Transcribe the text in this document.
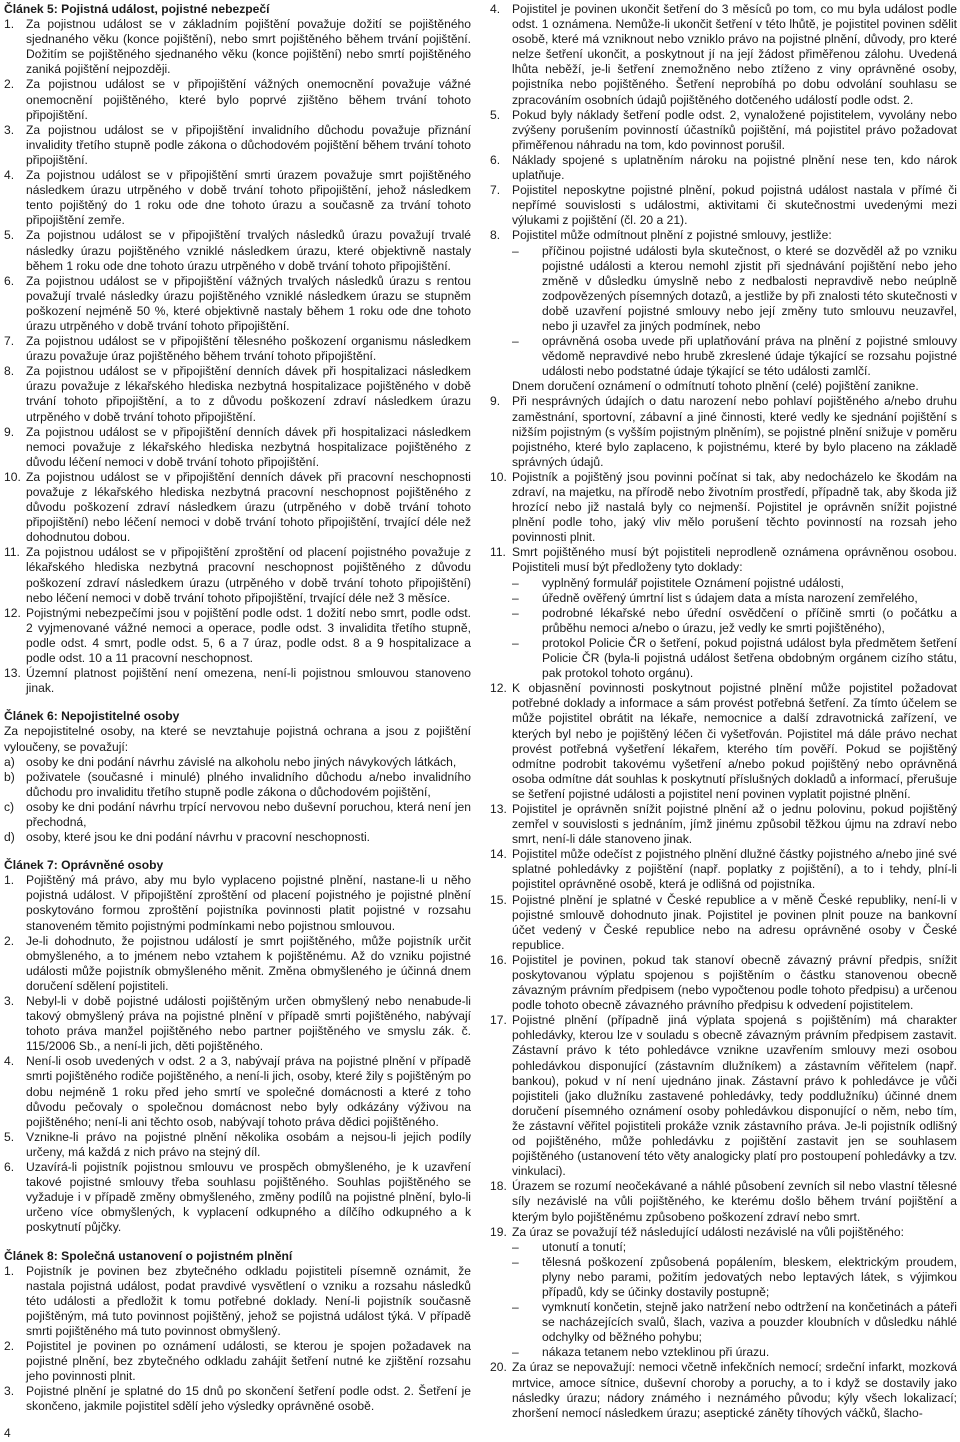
Článek 5: Pojistná událost, pojistné nebezpečí
1. Za pojistnou událost se v základním pojištění považuje dožití se pojištěného sjednaného věku (konce pojištění), nebo smrt pojištěného během trvání pojištění. Dožitím se pojištěného sjednaného věku (konce pojištění) nebo smrtí pojištěného zaniká pojištění nejpozději.
2. Za pojistnou událost se v připojištění vážných onemocnění považuje vážné onemocnění pojištěného, které bylo poprvé zjištěno během trvání tohoto připojištění.
3. Za pojistnou událost se v připojištění invalidního důchodu považuje přiznání invalidity třetího stupně podle zákona o důchodovém pojištění během trvání tohoto připojištění.
4. Za pojistnou událost se v připojištění smrti úrazem považuje smrt pojištěného následkem úrazu utrpěného v době trvání tohoto připojištění, jehož následkem tento pojištěný do 1 roku ode dne tohoto úrazu a současně za trvání tohoto připojištění zemře.
5. Za pojistnou událost se v připojištění trvalých následků úrazu považují trvalé následky úrazu pojištěného vzniklé následkem úrazu, které objektivně nastaly během 1 roku ode dne tohoto úrazu utrpěného v době trvání tohoto připojištění.
6. Za pojistnou událost se v připojištění vážných trvalých následků úrazu s rentou považují trvalé následky úrazu pojištěného vzniklé následkem úrazu se stupněm poškození nejméně 50 %, které objektivně nastaly během 1 roku ode dne tohoto úrazu utrpěného v době trvání tohoto připojištění.
7. Za pojistnou událost se v připojištění tělesného poškození organismu následkem úrazu považuje úraz pojištěného během trvání tohoto připojištění.
8. Za pojistnou událost se v připojištění denních dávek při hospitalizaci následkem úrazu považuje z lékařského hlediska nezbytná hospitalizace pojištěného v době trvání tohoto připojištění, a to z důvodu poškození zdraví následkem úrazu utrpěného v době trvání tohoto připojištění.
9. Za pojistnou událost se v připojištění denních dávek při hospitalizaci následkem nemoci považuje z lékařského hlediska nezbytná hospitalizace pojištěného z důvodu léčení nemoci v době trvání tohoto připojištění.
10. Za pojistnou událost se v připojištění denních dávek při pracovní neschopnosti považuje z lékařského hlediska nezbytná pracovní neschopnost pojištěného z důvodu poškození zdraví následkem úrazu (utrpěného v době trvání tohoto připojištění) nebo léčení nemoci v době trvání tohoto připojištění, trvající déle než dohodnutou dobou.
11. Za pojistnou událost se v připojištění zproštění od placení pojistného považuje z lékařského hlediska nezbytná pracovní neschopnost pojištěného z důvodu poškození zdraví následkem úrazu (utrpěného v době trvání tohoto připojištění) nebo léčení nemoci v době trvání tohoto připojištění, trvající déle než 3 měsíce.
12. Pojistnými nebezpečími jsou v pojištění podle odst. 1 dožití nebo smrt, podle odst. 2 vyjmenované vážné nemoci a operace, podle odst. 3 invalidita třetího stupně, podle odst. 4 smrt, podle odst. 5, 6 a 7 úraz, podle odst. 8 a 9 hospitalizace a podle odst. 10 a 11 pracovní neschopnost.
13. Územní platnost pojištění není omezena, není-li pojistnou smlouvou stanoveno jinak.
Článek 6: Nepojistitelné osoby
Za nepojistitelné osoby, na které se nevztahuje pojistná ochrana a jsou z pojištění vyloučeny, se považují:
a) osoby ke dni podání návrhu závislé na alkoholu nebo jiných návykových látkách,
b) poživatele (současné i minulé) plného invalidního důchodu a/nebo invalidního důchodu pro invaliditu třetího stupně podle zákona o důchodovém pojištění,
c) osoby ke dni podání návrhu trpící nervovou nebo duševní poruchou, která není jen přechodná,
d) osoby, které jsou ke dni podání návrhu v pracovní neschopnosti.
Článek 7: Oprávněné osoby
1. Pojištěný má právo, aby mu bylo vyplaceno pojistné plnění, nastane-li u něho pojistná událost. V připojištění zproštění od placení pojistného je pojistné plnění poskytováno formou zproštění pojistníka povinnosti platit pojistné v rozsahu stanoveném těmito pojistnými podmínkami nebo pojistnou smlouvou.
2. Je-li dohodnuto, že pojistnou událostí je smrt pojištěného, může pojistník určit obmyšleného, a to jménem nebo vztahem k pojištěnému. Až do vzniku pojistné události může pojistník obmyšleného měnit. Změna obmyšleného je účinná dnem doručení sdělení pojistiteli.
3. Nebyl-li v době pojistné události pojištěným určen obmyšlený nebo nenabude-li takový obmyšlený práva na pojistné plnění v případě smrti pojištěného, nabývají tohoto práva manžel pojištěného nebo partner pojištěného ve smyslu zák. č. 115/2006 Sb., a není-li jich, děti pojištěného.
4. Není-li osob uvedených v odst. 2 a 3, nabývají práva na pojistné plnění v případě smrti pojištěného rodiče pojištěného, a není-li jich, osoby, které žily s pojištěným po dobu nejméně 1 roku před jeho smrtí ve společné domácnosti a které z toho důvodu pečovaly o společnou domácnost nebo byly odkázány výživou na pojištěného; není-li ani těchto osob, nabývají tohoto práva dědici pojištěného.
5. Vznikne-li právo na pojistné plnění několika osobám a nejsou-li jejich podíly určeny, má každá z nich právo na stejný díl.
6. Uzavírá-li pojistník pojistnou smlouvu ve prospěch obmyšleného, je k uzavření takové pojistné smlouvy třeba souhlasu pojištěného. Souhlas pojištěného se vyžaduje i v případě změny obmyšleného, změny podílů na pojistné plnění, bylo-li určeno více obmyšlených, k vyplacení odkupného a dílčího odkupného a k poskytnutí půjčky.
Článek 8: Společná ustanovení o pojistném plnění
1. Pojistník je povinen bez zbytečného odkladu pojistiteli písemně oznámit, že nastala pojistná událost, podat pravdivé vysvětlení o vzniku a rozsahu následků této události a předložit k tomu potřebné doklady. Není-li pojistník současně pojištěným, má tuto povinnost pojištěný, jehož se pojistná událost týká. V případě smrti pojištěného má tuto povinnost obmyšlený.
2. Pojistitel je povinen po oznámení události, se kterou je spojen požadavek na pojistné plnění, bez zbytečného odkladu zahájit šetření nutné ke zjištění rozsahu jeho povinnosti plnit.
3. Pojistné plnění je splatné do 15 dnů po skončení šetření podle odst. 2. Šetření je skončeno, jakmile pojistitel sdělí jeho výsledky oprávněné osobě.
4. Pojistitel je povinen ukončit šetření do 3 měsíců po tom, co mu byla událost podle odst. 1 oznámena. Nemůže-li ukončit šetření v této lhůtě, je pojistitel povinen sdělit osobě, které má vzniknout nebo vzniklo právo na pojistné plnění, důvody, pro které nelze šetření ukončit, a poskytnout jí na její žádost přiměřenou zálohu. Uvedená lhůta neběží, je-li šetření znemožněno nebo ztíženo z viny oprávněné osoby, pojistníka nebo pojištěného. Šetření neprobíhá po dobu odvolání souhlasu se zpracováním osobních údajů pojištěného dotčeného událostí podle odst. 2.
5. Pokud byly náklady šetření podle odst. 2, vynaložené pojistitelem, vyvolány nebo zvýšeny porušením povinností účastníků pojištění, má pojistitel právo požadovat přiměřenou náhradu na tom, kdo povinnost porušil.
6. Náklady spojené s uplatněním nároku na pojistné plnění nese ten, kdo nárok uplatňuje.
7. Pojistitel neposkytne pojistné plnění, pokud pojistná událost nastala v přímé či nepřímé souvislosti s událostmi, aktivitami či skutečnostmi uvedenými mezi výlukami z pojištění (čl. 20 a 21).
8. Pojistitel může odmítnout plnění z pojistné smlouvy, jestliže:
–	příčinou pojistné události byla skutečnost, o které se dozvěděl až po vzniku pojistné události a kterou nemohl zjistit při sjednávání pojištění nebo jeho změně v důsledku úmyslně nebo z nedbalosti nepravdivě nebo neúplně zodpovězených písemných dotazů, a jestliže by při znalosti této skutečnosti v době uzavření pojistné smlouvy nebo její změny tuto smlouvu neuzavřel, nebo ji uzavřel za jiných podmínek, nebo
–	oprávněná osoba uvede při uplatňování práva na plnění z pojistné smlouvy vědomě nepravdivé nebo hrubě zkreslené údaje týkající se rozsahu pojistné události nebo podstatné údaje týkající se této události zamlčí.
Dnem doručení oznámení o odmítnutí tohoto plnění (celé) pojištění zanikne.
9. Při nesprávných údajích o datu narození nebo pohlaví pojištěného a/nebo druhu zaměstnání, sportovní, zábavní a jiné činnosti, které vedly ke sjednání pojištění s nižším pojistným (s vyšším pojistným plněním), se pojistné plnění snižuje v poměru pojistného, které bylo zaplaceno, k pojistnému, které by bylo placeno na základě správných údajů.
10. Pojistník a pojištěný jsou povinni počínat si tak, aby nedocházelo ke škodám na zdraví, na majetku, na přírodě nebo životním prostředí, případně tak, aby škoda již hrozící nebo již nastalá byly co nejmenší. Pojistitel je oprávněn snížit pojistné plnění podle toho, jaký vliv mělo porušení těchto povinností na rozsah jeho povinnosti plnit.
11. Smrt pojištěného musí být pojistiteli neprodleně oznámena oprávněnou osobou. Pojistiteli musí být předloženy tyto doklady:
–	vyplněný formulář pojistitele Oznámení pojistné události,
–	úředně ověřený úmrtní list s údajem data a místa narození zemřelého,
–	podrobné lékařské nebo úřední osvědčení o příčině smrti (o počátku a průběhu nemoci a/nebo o úrazu, jež vedly ke smrti pojištěného),
–	protokol Policie ČR o šetření, pokud pojistná událost byla předmětem šetření Policie ČR (byla-li pojistná událost šetřena obdobným orgánem cizího státu, pak protokol tohoto orgánu).
12. K objasnění povinnosti poskytnout pojistné plnění může pojistitel požadovat potřebné doklady a informace a sám provést potřebná šetření. Za tímto účelem se může pojistitel obrátit na lékaře, nemocnice a další zdravotnická zařízení, ve kterých byl nebo je pojištěný léčen či vyšetřován. Pojistitel má dále právo nechat provést potřebná vyšetření lékařem, kterého tím pověří. Pokud se pojištěný odmítne podrobit takovému vyšetření a/nebo pokud pojištěný nebo oprávněná osoba odmítne dát souhlas k poskytnutí příslušných dokladů a informací, přerušuje se šetření pojistné události a pojistitel není povinen vyplatit pojistné plnění.
13. Pojistitel je oprávněn snížit pojistné plnění až o jednu polovinu, pokud pojištěný zemřel v souvislosti s jednáním, jímž jinému způsobil těžkou újmu na zdraví nebo smrt, není-li dále stanoveno jinak.
14. Pojistitel může odečíst z pojistného plnění dlužné částky pojistného a/nebo jiné své splatné pohledávky z pojištění (např. poplatky z pojištění), a to i tehdy, plní-li pojistitel oprávněné osobě, která je odlišná od pojistníka.
15. Pojistné plnění je splatné v České republice a v měně České republiky, není-li v pojistné smlouvě dohodnuto jinak. Pojistitel je povinen plnit pouze na bankovní účet vedený v České republice nebo na adresu oprávněné osoby v České republice.
16. Pojistitel je povinen, pokud tak stanoví obecně závazný právní předpis, snížit poskytovanou výplatu spojenou s pojištěním o částku stanovenou obecně závazným právním předpisem (nebo vypočtenou podle tohoto předpisu) a určenou podle tohoto obecně závazného právního předpisu k odvedení pojistitelem.
17. Pojistné plnění (případně jiná výplata spojená s pojištěním) má charakter pohledávky, kterou lze v souladu s obecně závazným právním předpisem zastavit. Zástavní právo k této pohledávce vznikne uzavřením smlouvy mezi osobou pohledávkou disponující (zástavním dlužníkem) a zástavním věřitelem (např. bankou), pokud v ní není ujednáno jinak. Zástavní právo k pohledávce je vůči pojistiteli (jako dlužníku zastavené pohledávky, tedy poddlužníku) účinné dnem doručení písemného oznámení osoby pohledávkou disponující o něm, nebo tím, že zástavní věřitel pojistiteli prokáže vznik zástavního práva. Je-li pojistník odlišný od pojištěného, může pohledávku z pojištění zastavit jen se souhlasem pojištěného (ustanovení této věty analogicky platí pro postoupení pohledávky a tzv. vinkulaci).
18. Úrazem se rozumí neočekávané a náhlé působení zevních sil nebo vlastní tělesné síly nezávislé na vůli pojištěného, ke kterému došlo během trvání pojištění a kterým bylo pojištěnému způsobeno poškození zdraví nebo smrt.
19. Za úraz se považují též následující události nezávislé na vůli pojištěného:
–	utonutí a tonutí;
–	tělesná poškození způsobená popálením, bleskem, elektrickým proudem, plyny nebo parami, požitím jedovatých nebo leptavých látek, s výjimkou případů, kdy se účinky dostavily postupně;
–	vymknutí končetin, stejně jako natržení nebo odtržení na končetinách a páteři se nacházejících svalů, šlach, vaziva a pouzder kloubních v důsledku náhlé odchylky od běžného pohybu;
–	nákaza tetanem nebo vzteklinou při úrazu.
20. Za úraz se nepovažují: nemoci včetně infekčních nemocí; srdeční infarkt, mozková mrtvice, amoce sítnice, duševní choroby a poruchy, a to i když se dostavily jako následky úrazu; nádory známého i neznámého původu; kýly všech lokalizací; zhoršení nemocí následkem úrazu; aseptické záněty tíhových váčků, šlacho-
4
